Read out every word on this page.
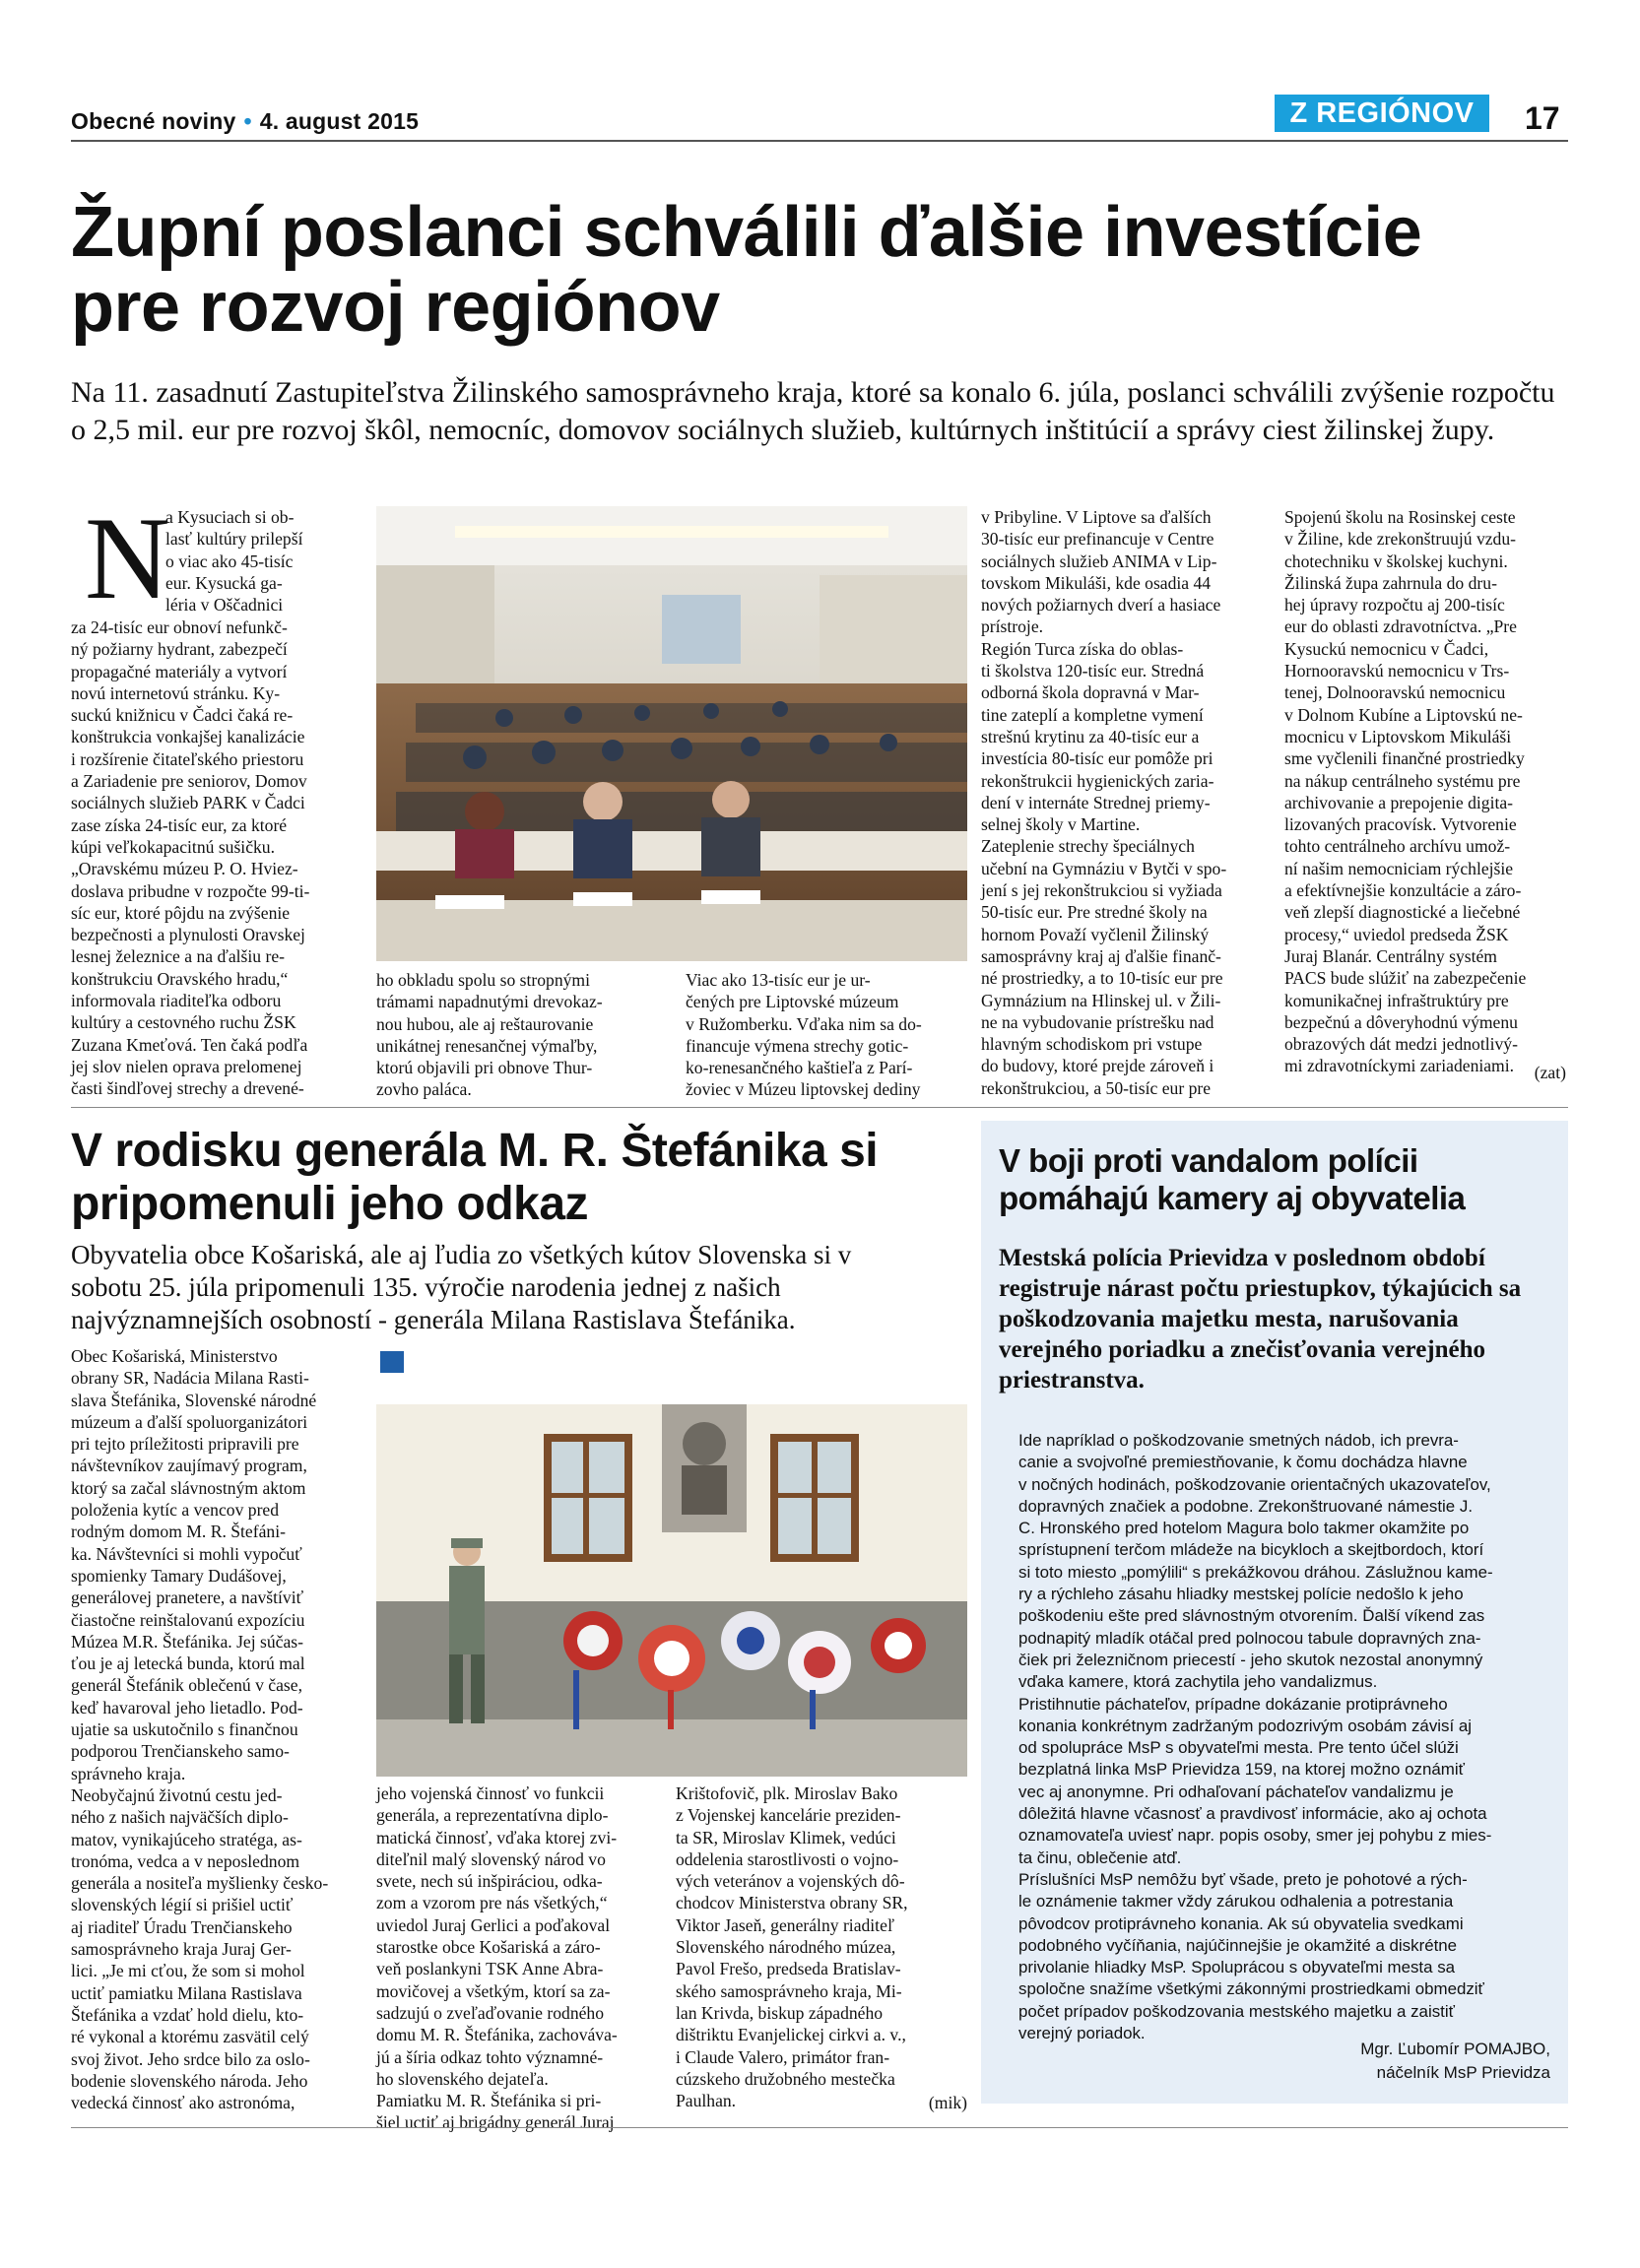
Obecné noviny • 4. august 2015	Z REGIÓNOV	17
Župní poslanci schválili ďalšie investície pre rozvoj regiónov
Na 11. zasadnutí Zastupiteľstva Žilinského samosprávneho kraja, ktoré sa konalo 6. júla, poslanci schválili zvýšenie rozpočtu o 2,5 mil. eur pre rozvoj škôl, nemocníc, domovov sociálnych služieb, kultúrnych inštitúcií a správy ciest žilinskej župy.
N
a Kysuciach si ob-
lasť kultúry prilepší
o viac ako 45-tisíc
eur. Kysucká ga-
léria v Oščadnici
za 24-tisíc eur obnoví nefunkč-
ný požiarny hydrant, zabezpečí
propagačné materiály a vytvorí
novú internetovú stránku. Ky-
suckú knižnicu v Čadci čaká re-
konštrukcia vonkajšej kanalizácie
i rozšírenie čitateľského priestoru
a Zariadenie pre seniorov, Domov
sociálnych služieb PARK v Čadci
zase získa 24-tisíc eur, za ktoré
kúpi veľkokapacitnú sušičku.
„Oravskému múzeu P. O. Hviez-
doslava pribudne v rozpočte 99-ti-
síc eur, ktoré pôjdu na zvýšenie
bezpečnosti a plynulosti Oravskej
lesnej železnice a na ďalšiu re-
konštrukciu Oravského hradu,“
informovala riaditeľka odboru
kultúry a cestovného ruchu ŽSK
Zuzana Kmeťová. Ten čaká podľa
jej slov nielen oprava prelomenej
časti šindľovej strechy a drevené-
ho obkladu spolu so stropnými
trámami napadnutými drevokaz-
nou hubou, ale aj reštaurovanie
unikátnej renesančnej výmaľby,
ktorú objavili pri obnove Thur-
zovho paláca.
Viac ako 13-tisíc eur je ur-
čených pre Liptovské múzeum
v Ružomberku. Vďaka nim sa do-
financuje výmena strechy gotic-
ko-renesančného kaštieľa z Parí-
žoviec v Múzeu liptovskej dediny
v Pribyline. V Liptove sa ďalších
30-tisíc eur prefinancuje v Centre
sociálnych služieb ANIMA v Lip-
tovskom Mikuláši, kde osadia 44
nových požiarnych dverí a hasiace
prístroje.
Región Turca získa do oblas-
ti školstva 120-tisíc eur. Stredná
odborná škola dopravná v Mar-
tine zateplí a kompletne vymení
strešnú krytinu za 40-tisíc eur a
investícia 80-tisíc eur pomôže pri
rekonštrukcii hygienických zaria-
dení v internáte Strednej priemy-
selnej školy v Martine.
Zateplenie strechy špeciálnych
učební na Gymnáziu v Bytči v spo-
jení s jej rekonštrukciou si vyžiada
50-tisíc eur. Pre stredné školy na
hornom Považí vyčlenil Žilinský
samosprávny kraj aj ďalšie finanč-
né prostriedky, a to 10-tisíc eur pre
Gymnázium na Hlinskej ul. v Žili-
ne na vybudovanie prístrešku nad
hlavným schodiskom pri vstupe
do budovy, ktoré prejde zároveň i
rekonštrukciou, a 50-tisíc eur pre
Spojenú školu na Rosinskej ceste
v Žiline, kde zrekonštruujú vzdu-
chotechniku v školskej kuchyni.
Žilinská župa zahrnula do dru-
hej úpravy rozpočtu aj 200-tisíc
eur do oblasti zdravotníctva. „Pre
Kysuckú nemocnicu v Čadci,
Hornooravskú nemocnicu v Trs-
tenej, Dolnooravskú nemocnicu
v Dolnom Kubíne a Liptovskú ne-
mocnicu v Liptovskom Mikuláši
sme vyčlenili finančné prostriedky
na nákup centrálneho systému pre
archivovanie a prepojenie digita-
lizovaných pracovísk. Vytvorenie
tohto centrálneho archívu umož-
ní našim nemocniciam rýchlejšie
a efektívnejšie konzultácie a záro-
veň zlepší diagnostické a liečebné
procesy,“ uviedol predseda ŽSK
Juraj Blanár. Centrálny systém
PACS bude slúžiť na zabezpečenie
komunikačnej infraštruktúry pre
bezpečnú a dôveryhodnú výmenu
obrazových dát medzi jednotlivý-
mi zdravotníckymi zariadeniami.	(zat)
V rodisku generála M. R. Štefánika si pripomenuli jeho odkaz
Obyvatelia obce Košariská, ale aj ľudia zo všetkých kútov Slovenska si v sobotu 25. júla pripomenuli 135. výročie narodenia jednej z našich najvýznamnejších osobností - generála Milana Rastislava Štefánika.
Obec Košariská, Ministerstvo
obrany SR, Nadácia Milana Rasti-
slava Štefánika, Slovenské národné
múzeum a ďalší spoluorganizátori
pri tejto príležitosti pripravili pre
návštevníkov zaujímavý program,
ktorý sa začal slávnostným aktom
položenia kytíc a vencov pred
rodným domom M. R. Štefáni-
ka. Návštevníci si mohli vypočuť
spomienky Tamary Dudášovej,
generálovej pranetere, a navštíviť
čiastočne reinštalovanú expozíciu
Múzea M.R. Štefánika. Jej súčas-
ťou je aj letecká bunda, ktorú mal
generál Štefánik oblečenú v čase,
keď havaroval jeho lietadlo. Pod-
ujatie sa uskutočnilo s finančnou
podporou Trenčianskeho samo-
správneho kraja.
Neobyčajnú životnú cestu jed-
ného z našich najväčších diplo-
matov, vynikajúceho stratéga, as-
tronóma, vedca a v neposlednom
generála a nositeľa myšlienky česko-
slovenských légií si prišiel uctiť
aj riaditeľ Úradu Trenčianskeho
samosprávneho kraja Juraj Ger-
lici. „Je mi cťou, že som si mohol
uctiť pamiatku Milana Rastislava
Štefánika a vzdať hold dielu, kto-
ré vykonal a ktorému zasvätil celý
svoj život. Jeho srdce bilo za oslo-
bodenie slovenského národa. Jeho
vedecká činnosť ako astronóma,
jeho vojenská činnosť vo funkcii
generála, a reprezentatívna diplo-
matická činnosť, vďaka ktorej zvi-
diteľnil malý slovenský národ vo
svete, nech sú inšpiráciou, odka-
zom a vzorom pre nás všetkých,“
uviedol Juraj Gerlici a poďakoval
starostke obce Košariská a záro-
veň poslankyni TSK Anne Abra-
movičovej a všetkým, ktorí sa za-
sadzujú o zveľaďovanie rodného
domu M. R. Štefánika, zachováva-
jú a šíria odkaz tohto významné-
ho slovenského dejateľa.
Pamiatku M. R. Štefánika si pri-
šiel uctiť aj brigádny generál Juraj
Krištofovič, plk. Miroslav Bako
z Vojenskej kancelárie preziden-
ta SR, Miroslav Klimek, vedúci
oddelenia starostlivosti o vojno-
vých veteránov a vojenských dô-
chodcov Ministerstva obrany SR,
Viktor Jaseň, generálny riaditeľ
Slovenského národného múzea,
Pavol Frešo, predseda Bratislav-
ského samosprávneho kraja, Mi-
lan Krivda, biskup západného
dištriktu Evanjelickej cirkvi a. v.,
i Claude Valero, primátor fran-
cúzskeho družobného mestečka
Paulhan.	(mik)
V boji proti vandalom polícii pomáhajú kamery aj obyvatelia
Mestská polícia Prievidza v poslednom období registruje nárast počtu priestupkov, týkajúcich sa poškodzovania majetku mesta, narušovania verejného poriadku a znečisťovania verejného priestranstva.
Ide napríklad o poškodzovanie smetných nádob, ich prevra-
canie a svojvoľné premiestňovanie, k čomu dochádza hlavne
v nočných hodinách, poškodzovanie orientačných ukazovateľov,
dopravných značiek a podobne. Zrekonštruované námestie J.
C. Hronského pred hotelom Magura bolo takmer okamžite po
sprístupnení terčom mládeže na bicykloch a skejtbordoch, ktorí
si toto miesto „pomýlili“ s prekážkovou dráhou. Záslužnou kame-
ry a rýchleho zásahu hliadky mestskej polície nedošlo k jeho
poškodeniu ešte pred slávnostným otvorením. Ďalší víkend zas
podnapitý mladík otáčal pred polnocou tabule dopravných zna-
čiek pri železničnom priecestí - jeho skutok nezostal anonymný
vďaka kamere, ktorá zachytila jeho vandalizmus.
Pristihnutie páchateľov, prípadne dokázanie protiprávneho
konania konkrétnym zadržaným podozrivým osobám závisí aj
od spolupráce MsP s obyvateľmi mesta. Pre tento účel slúži
bezplatná linka MsP Prievidza 159, na ktorej možno oznámiť
vec aj anonymne. Pri odhaľovaní páchateľov vandalizmu je
dôležitá hlavne včasnosť a pravdivosť informácie, ako aj ochota
oznamovateľa uviesť napr. popis osoby, smer jej pohybu z mies-
ta činu, oblečenie atď.
Príslušníci MsP nemôžu byť všade, preto je pohotové a rých-
le oznámenie takmer vždy zárukou odhalenia a potrestania
pôvodcov protiprávneho konania. Ak sú obyvatelia svedkami
podobného vyčíňania, najúčinnejšie je okamžité a diskrétne
privolanie hliadky MsP. Spoluprácou s obyvateľmi mesta sa
spoločne snažíme všetkými zákonnými prostriedkami obmedziť
počet prípadov poškodzovania mestského majetku a zaistiť
verejný poriadok.
Mgr. Ľubomír POMAJBO,
náčelník MsP Prievidza
